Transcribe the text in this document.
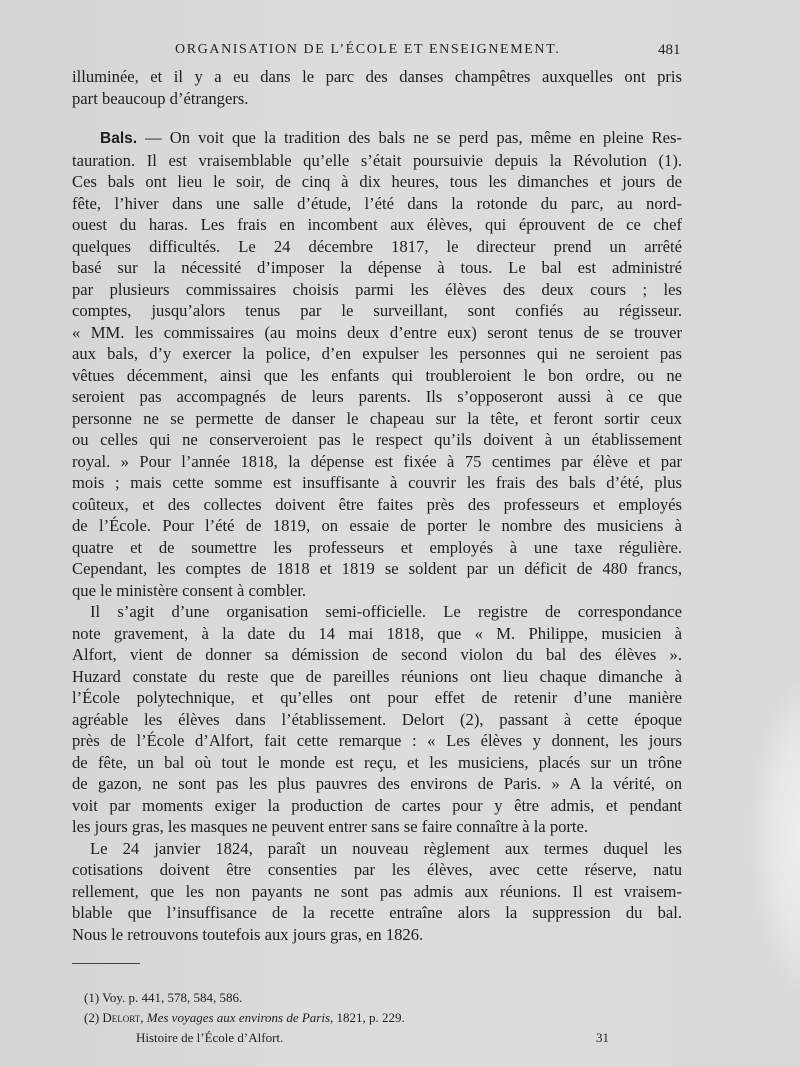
ORGANISATION DE L’ÉCOLE ET ENSEIGNEMENT.	481
illuminée, et il y a eu dans le parc des danses champêtres auxquelles ont pris
part beaucoup d’étrangers.
Bals. — On voit que la tradition des bals ne se perd pas, même en pleine Res-
tauration. Il est vraisemblable qu’elle s’était poursuivie depuis la Révolution (1).
Ces bals ont lieu le soir, de cinq à dix heures, tous les dimanches et jours de
fête, l’hiver dans une salle d’étude, l’été dans la rotonde du parc, au nord-
ouest du haras. Les frais en incombent aux élèves, qui éprouvent de ce chef
quelques difficultés. Le 24 décembre 1817, le directeur prend un arrêté
basé sur la nécessité d’imposer la dépense à tous. Le bal est administré
par plusieurs commissaires choisis parmi les élèves des deux cours ; les
comptes, jusqu’alors tenus par le surveillant, sont confiés au régisseur.
« MM. les commissaires (au moins deux d’entre eux) seront tenus de se trouver
aux bals, d’y exercer la police, d’en expulser les personnes qui ne seroient pas
vêtues décemment, ainsi que les enfants qui troubleroient le bon ordre, ou ne
seroient pas accompagnés de leurs parents. Ils s’opposeront aussi à ce que
personne ne se permette de danser le chapeau sur la tête, et feront sortir ceux
ou celles qui ne conserveroient pas le respect qu’ils doivent à un établissement
royal. » Pour l’année 1818, la dépense est fixée à 75 centimes par élève et par
mois ; mais cette somme est insuffisante à couvrir les frais des bals d’été, plus
coûteux, et des collectes doivent être faites près des professeurs et employés
de l’École. Pour l’été de 1819, on essaie de porter le nombre des musiciens à
quatre et de soumettre les professeurs et employés à une taxe régulière.
Cependant, les comptes de 1818 et 1819 se soldent par un déficit de 480 francs,
que le ministère consent à combler.
Il s’agit d’une organisation semi-officielle. Le registre de correspondance
note gravement, à la date du 14 mai 1818, que « M. Philippe, musicien à
Alfort, vient de donner sa démission de second violon du bal des élèves ».
Huzard constate du reste que de pareilles réunions ont lieu chaque dimanche à
l’École polytechnique, et qu’elles ont pour effet de retenir d’une manière
agréable les élèves dans l’établissement. Delort (2), passant à cette époque
près de l’École d’Alfort, fait cette remarque : « Les élèves y donnent, les jours
de fête, un bal où tout le monde est reçu, et les musiciens, placés sur un trône
de gazon, ne sont pas les plus pauvres des environs de Paris. » A la vérité, on
voit par moments exiger la production de cartes pour y être admis, et pendant
les jours gras, les masques ne peuvent entrer sans se faire connaître à la porte.
Le 24 janvier 1824, paraît un nouveau règlement aux termes duquel les
cotisations doivent être consenties par les élèves, avec cette réserve, natu
rellement, que les non payants ne sont pas admis aux réunions. Il est vraisem-
blable que l’insuffisance de la recette entraîne alors la suppression du bal.
Nous le retrouvons toutefois aux jours gras, en 1826.
(1) Voy. p. 441, 578, 584, 586.
(2) Delort, Mes voyages aux environs de Paris, 1821, p. 229.
Histoire de l’École d’Alfort.	31
